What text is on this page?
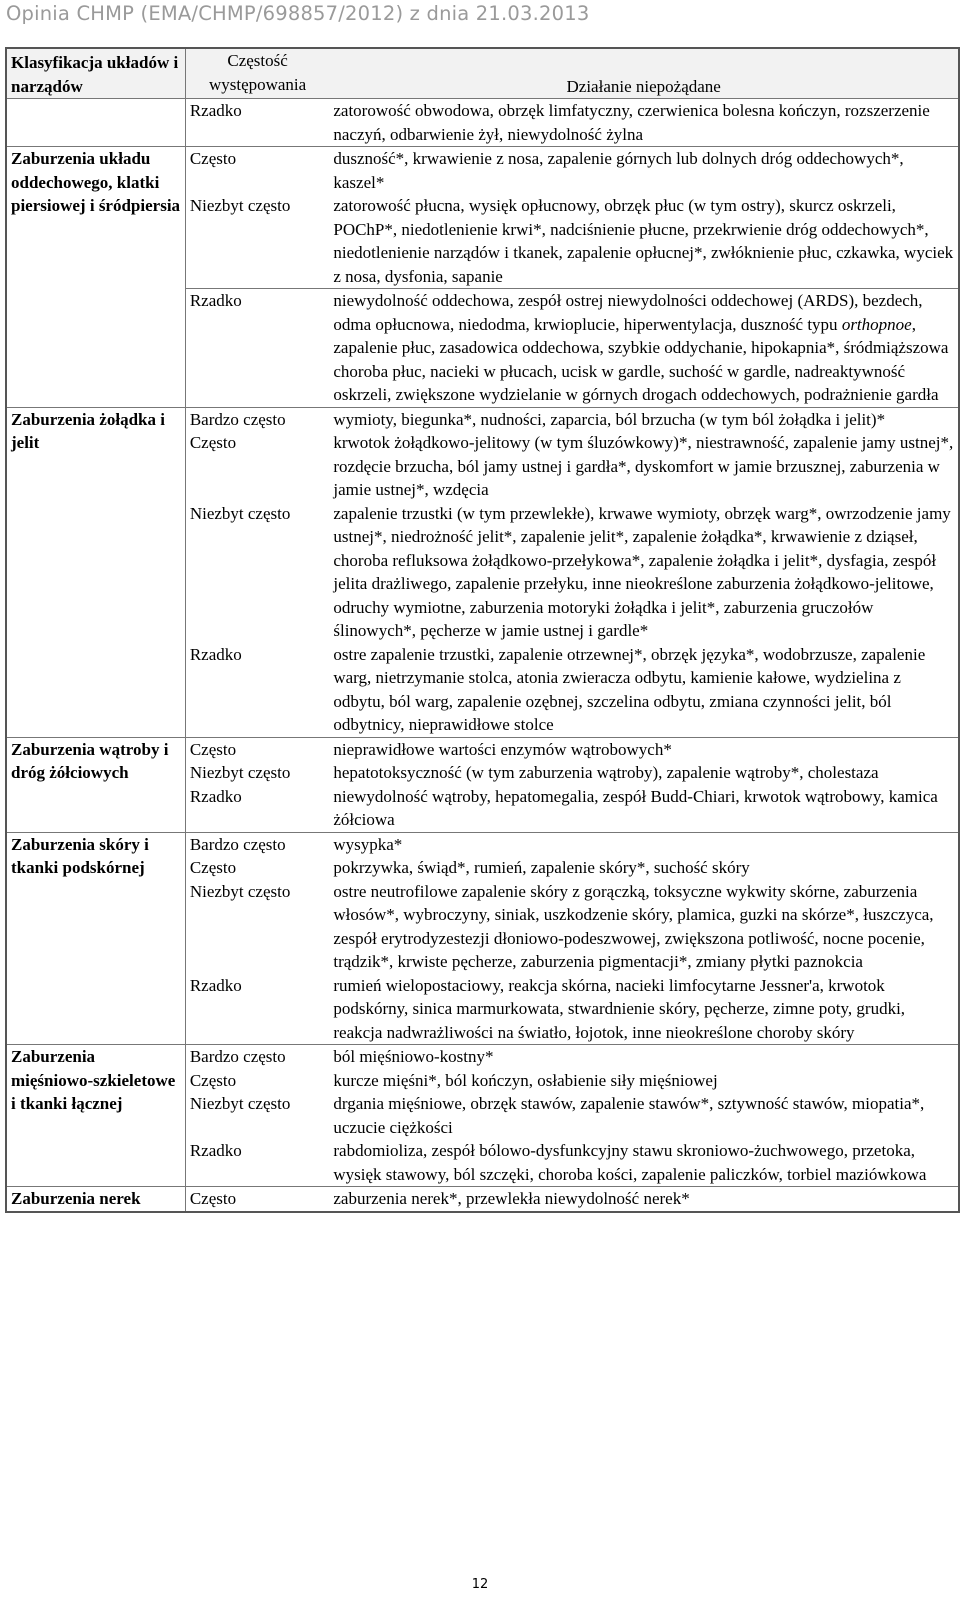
Opinia CHMP (EMA/CHMP/698857/2012) z dnia 21.03.2013
Klasyfikacja układów i narządów	Częstość występowania	Działanie niepożądane
	Rzadko	zatorowość obwodowa, obrzęk limfatyczny, czerwienica bolesna kończyn, rozszerzenie naczyń, odbarwienie żył, niewydolność żylna
Zaburzenia układu oddechowego, klatki piersiowej i śródpiersia	Często	duszność*, krwawienie z nosa, zapalenie górnych lub dolnych dróg oddechowych*, kaszel*
	Niezbyt często	zatorowość płucna, wysięk opłucnowy, obrzęk płuc (w tym ostry), skurcz oskrzeli, POChP*, niedotlenienie krwi*, nadciśnienie płucne, przekrwienie dróg oddechowych*, niedotlenienie narządów i tkanek, zapalenie opłucnej*, zwłóknienie płuc, czkawka, wyciek z nosa, dysfonia, sapanie
	Rzadko	niewydolność oddechowa, zespół ostrej niewydolności oddechowej (ARDS), bezdech, odma opłucnowa, niedodma, krwioplucie, hiperwentylacja, duszność typu orthopnoe, zapalenie płuc, zasadowica oddechowa, szybkie oddychanie, hipokapnia*, śródmiąższowa choroba płuc, nacieki w płucach, ucisk w gardle, suchość w gardle, nadreaktywność oskrzeli, zwiększone wydzielanie w górnych drogach oddechowych, podrażnienie gardła
Zaburzenia żołądka i jelit	Bardzo często	wymioty, biegunka*, nudności, zaparcia, ból brzucha (w tym ból żołądka i jelit)*
	Często	krwotok żołądkowo-jelitowy (w tym śluzówkowy)*, niestrawność, zapalenie jamy ustnej*, rozdęcie brzucha, ból jamy ustnej i gardła*, dyskomfort w jamie brzusznej, zaburzenia w jamie ustnej*, wzdęcia
	Niezbyt często	zapalenie trzustki (w tym przewlekłe), krwawe wymioty, obrzęk warg*, owrzodzenie jamy ustnej*, niedrożność jelit*, zapalenie jelit*, zapalenie żołądka*, krwawienie z dziąseł, choroba refluksowa żołądkowo-przełykowa*, zapalenie żołądka i jelit*, dysfagia, zespół jelita drażliwego, zapalenie przełyku, inne nieokreślone zaburzenia żołądkowo-jelitowe, odruchy wymiotne, zaburzenia motoryki żołądka i jelit*, zaburzenia gruczołów ślinowych*, pęcherze w jamie ustnej i gardle*
	Rzadko	ostre zapalenie trzustki, zapalenie otrzewnej*, obrzęk języka*, wodobrzusze, zapalenie warg, nietrzymanie stolca, atonia zwieracza odbytu, kamienie kałowe, wydzielina z odbytu, ból warg, zapalenie ozębnej, szczelina odbytu, zmiana czynności jelit, ból odbytnicy, nieprawidłowe stolce
Zaburzenia wątroby i dróg żółciowych	Często	nieprawidłowe wartości enzymów wątrobowych*
	Niezbyt często	hepatotoksyczność (w tym zaburzenia wątroby), zapalenie wątroby*, cholestaza
	Rzadko	niewydolność wątroby, hepatomegalia, zespół Budd-Chiari, krwotok wątrobowy, kamica żółciowa
Zaburzenia skóry i tkanki podskórnej	Bardzo często	wysypka*
	Często	pokrzywka, świąd*, rumień, zapalenie skóry*, suchość skóry
	Niezbyt często	ostre neutrofilowe zapalenie skóry z gorączką, toksyczne wykwity skórne, zaburzenia włosów*, wybroczyny, siniak, uszkodzenie skóry, plamica, guzki na skórze*, łuszczyca, zespół erytrodyzestezji dłoniowo-podeszwowej, zwiększona potliwość, nocne pocenie, trądzik*, krwiste pęcherze, zaburzenia pigmentacji*, zmiany płytki paznokcia
	Rzadko	rumień wielopostaciowy, reakcja skórna, nacieki limfocytarne Jessner'a, krwotok podskórny, sinica marmurkowata, stwardnienie skóry, pęcherze, zimne poty, grudki, reakcja nadwrażliwości na światło, łojotok, inne nieokreślone choroby skóry
Zaburzenia mięśniowo-szkieletowe i tkanki łącznej	Bardzo często	ból mięśniowo-kostny*
	Często	kurcze mięśni*, ból kończyn, osłabienie siły mięśniowej
	Niezbyt często	drgania mięśniowe, obrzęk stawów, zapalenie stawów*, sztywność stawów, miopatia*, uczucie ciężkości
	Rzadko	rabdomioliza, zespół bólowo-dysfunkcyjny stawu skroniowo-żuchwowego, przetoka, wysięk stawowy, ból szczęki, choroba kości, zapalenie paliczków, torbiel maziówkowa
Zaburzenia nerek	Często	zaburzenia nerek*, przewlekła niewydolność nerek*
12
